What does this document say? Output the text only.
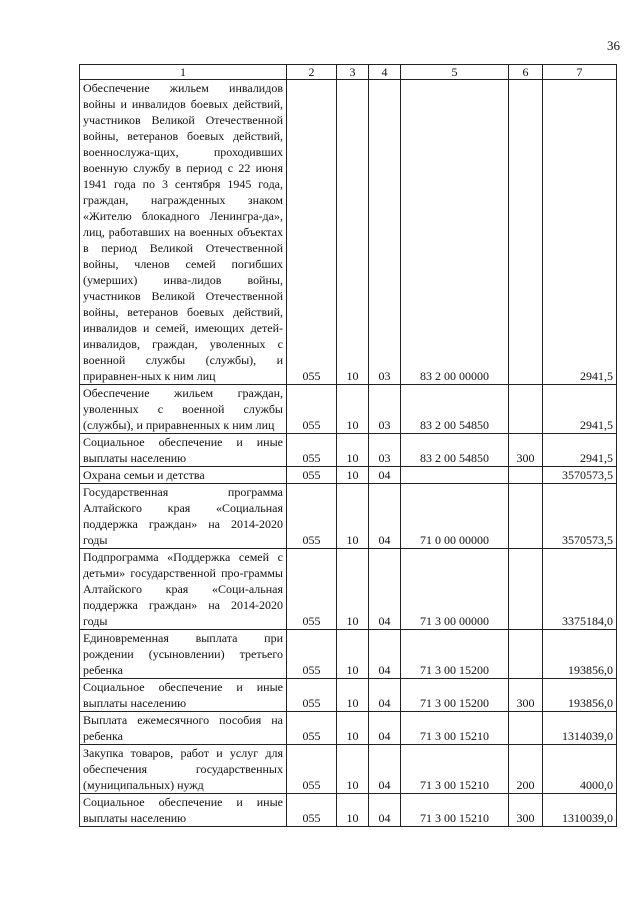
36
1	2	3	4	5	6	7
Обеспечение жильем инвалидов войны и инвалидов боевых действий, участников Великой Отечественной войны, ветеранов боевых действий, военнослужа-щих, проходивших военную службу в период с 22 июня 1941 года по 3 сентября 1945 года, граждан, награжденных знаком «Жителю блокадного Ленингра-да», лиц, работавших на военных объектах в период Великой Отечественной войны, членов семей погибших (умерших) инва-лидов войны, участников Великой Отечественной войны, ветеранов боевых действий, инвалидов и семей, имеющих детей-инвалидов, граждан, уволенных с военной службы (службы), и приравнен-ных к ним лиц	055	10	03	83 2 00 00000		2941,5
Обеспечение жильем граждан, уволенных с военной службы (службы), и приравненных к ним лиц	055	10	03	83 2 00 54850		2941,5
Социальное обеспечение и иные выплаты населению	055	10	03	83 2 00 54850	300	2941,5
Охрана семьи и детства	055	10	04			3570573,5
Государственная программа Алтайского края «Социальная поддержка граждан» на 2014-2020 годы	055	10	04	71 0 00 00000		3570573,5
Подпрограмма «Поддержка семей с детьми» государственной про-граммы Алтайского края «Соци-альная поддержка граждан» на 2014-2020 годы	055	10	04	71 3 00 00000		3375184,0
Единовременная выплата при рождении (усыновлении) третьего ребенка	055	10	04	71 3 00 15200		193856,0
Социальное обеспечение и иные выплаты населению	055	10	04	71 3 00 15200	300	193856,0
Выплата ежемесячного пособия на ребенка	055	10	04	71 3 00 15210		1314039,0
Закупка товаров, работ и услуг для обеспечения государственных (муниципальных) нужд	055	10	04	71 3 00 15210	200	4000,0
Социальное обеспечение и иные выплаты населению	055	10	04	71 3 00 15210	300	1310039,0
